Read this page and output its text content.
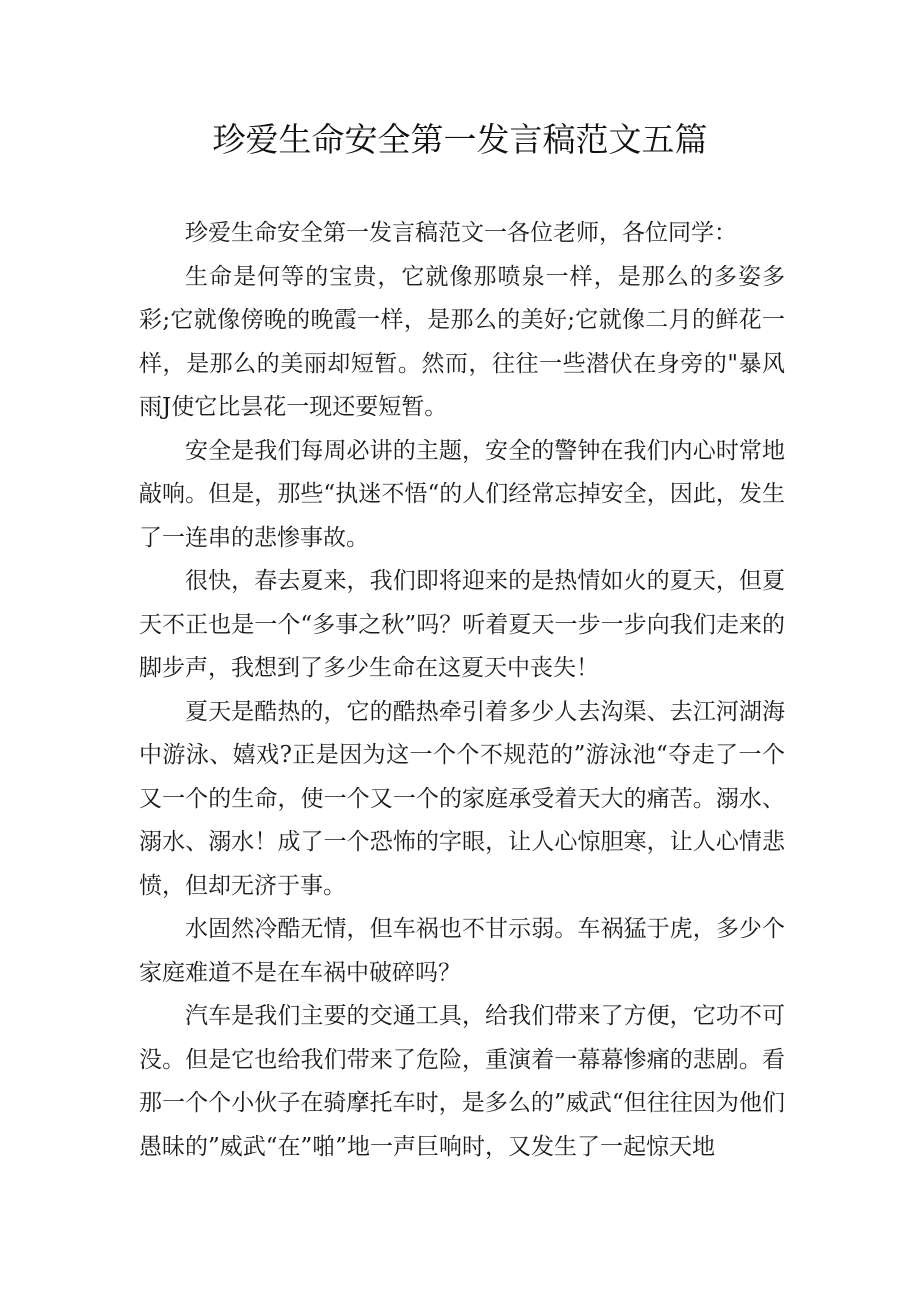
珍爱生命安全第一发言稿范文五篇

珍爱生命安全第一发言稿范文一各位老师，各位同学：

生命是何等的宝贵，它就像那喷泉一样，是那么的多姿多彩;它就像傍晚的晚霞一样，是那么的美好;它就像二月的鲜花一样，是那么的美丽却短暂。然而，往往一些潜伏在身旁的"暴风雨J使它比昙花一现还要短暂。

安全是我们每周必讲的主题，安全的警钟在我们内心时常地敲响。但是，那些“执迷不悟“的人们经常忘掉安全，因此，发生了一连串的悲惨事故。

很快，春去夏来，我们即将迎来的是热情如火的夏天，但夏天不正也是一个“多事之秋”吗？听着夏天一步一步向我们走来的脚步声，我想到了多少生命在这夏天中丧失！

夏天是酷热的，它的酷热牵引着多少人去沟渠、去江河湖海中游泳、嬉戏?正是因为这一个个不规范的”游泳池“夺走了一个又一个的生命，使一个又一个的家庭承受着天大的痛苦。溺水、溺水、溺水！成了一个恐怖的字眼，让人心惊胆寒，让人心情悲愤，但却无济于事。

水固然冷酷无情，但车祸也不甘示弱。车祸猛于虎，多少个家庭难道不是在车祸中破碎吗？

汽车是我们主要的交通工具，给我们带来了方便，它功不可没。但是它也给我们带来了危险，重演着一幕幕惨痛的悲剧。看那一个个小伙子在骑摩托车时，是多么的”威武“但往往因为他们愚昧的”威武“在”啪”地一声巨响时，又发生了一起惊天地
